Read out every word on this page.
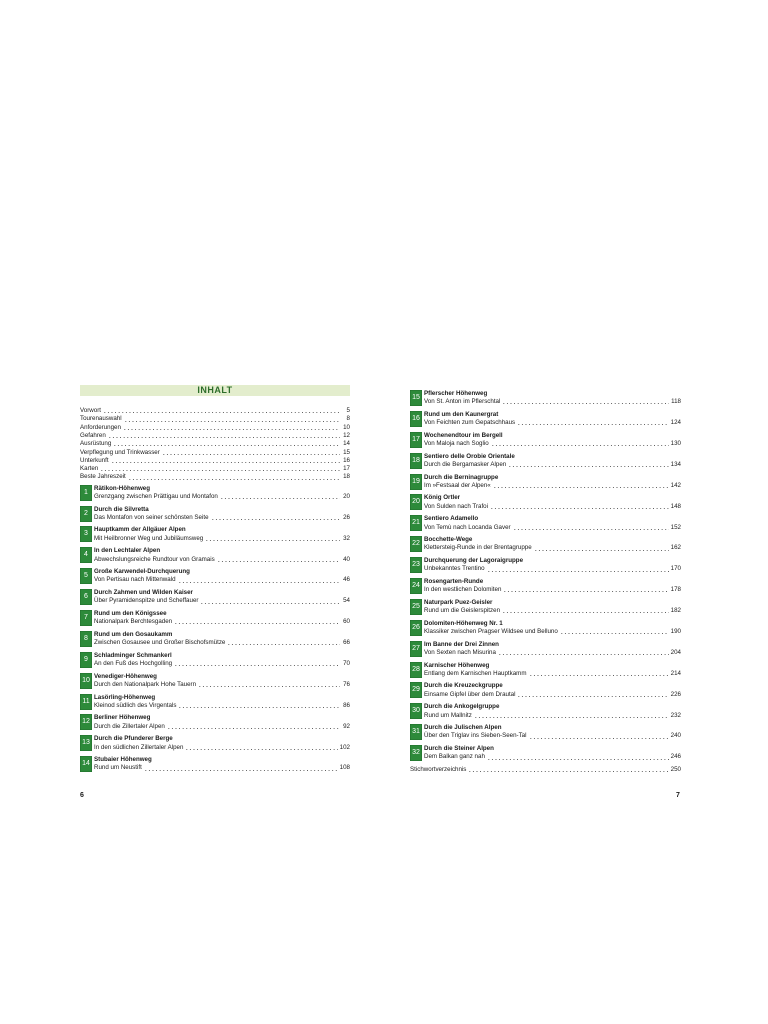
INHALT
Vorwort	5
Tourenauswahl	8
Anforderungen	10
Gefahren	12
Ausrüstung	14
Verpflegung und Trinkwasser	15
Unterkunft	16
Karten	17
Beste Jahreszeit	18
1
Rätikon-Höhenweg
Grenzgang zwischen Prättigau und Montafon	20
2
Durch die Silvretta
Das Montafon von seiner schönsten Seite	26
3
Hauptkamm der Allgäuer Alpen
Mit Heilbronner Weg und Jubiläumsweg	32
4
In den Lechtaler Alpen
Abwechslungsreiche Rundtour von Gramais	40
5
Große Karwendel-Durchquerung
Von Pertisau nach Mittenwald	46
6
Durch Zahmen und Wilden Kaiser
Über Pyramidenspitze und Scheffauer	54
7
Rund um den Königssee
Nationalpark Berchtesgaden	60
8
Rund um den Gosaukamm
Zwischen Gosausee und Großer Bischofsmütze	66
9
Schladminger Schmankerl
An den Fuß des Hochgolling	70
10
Venediger-Höhenweg
Durch den Nationalpark Hohe Tauern	76
11
Lasörling-Höhenweg
Kleinod südlich des Virgentals	86
12
Berliner Höhenweg
Durch die Zillertaler Alpen	92
13
Durch die Pfunderer Berge
In den südlichen Zillertaler Alpen	102
14
Stubaier Höhenweg
Rund um Neustift	108
15
Pflerscher Höhenweg
Von St. Anton im Pflerschtal	118
16
Rund um den Kaunergrat
Von Feichten zum Gepatschhaus	124
17
Wochenendtour im Bergell
Von Maloja nach Soglio	130
18
Sentiero delle Orobie Orientale
Durch die Bergamasker Alpen	134
19
Durch die Berninagruppe
Im »Festsaal der Alpen«	142
20
König Ortler
Von Sulden nach Trafoi	148
21
Sentiero Adamello
Von Temù nach Locanda Gaver	152
22
Bocchette-Wege
Klettersteig-Runde in der Brentagruppe	162
23
Durchquerung der Lagoraigruppe
Unbekanntes Trentino	170
24
Rosengarten-Runde
In den westlichen Dolomiten	178
25
Naturpark Puez-Geisler
Rund um die Geislerspitzen	182
26
Dolomiten-Höhenweg Nr. 1
Klassiker zwischen Pragser Wildsee und Belluno	190
27
Im Banne der Drei Zinnen
Von Sexten nach Misurina	204
28
Karnischer Höhenweg
Entlang dem Karnischen Hauptkamm	214
29
Durch die Kreuzeckgruppe
Einsame Gipfel über dem Drautal	226
30
Durch die Ankogelgruppe
Rund um Mallnitz	232
31
Durch die Julischen Alpen
Über den Triglav ins Sieben-Seen-Tal	240
32
Durch die Steiner Alpen
Dem Balkan ganz nah	246
Stichwortverzeichnis	250
6	7
